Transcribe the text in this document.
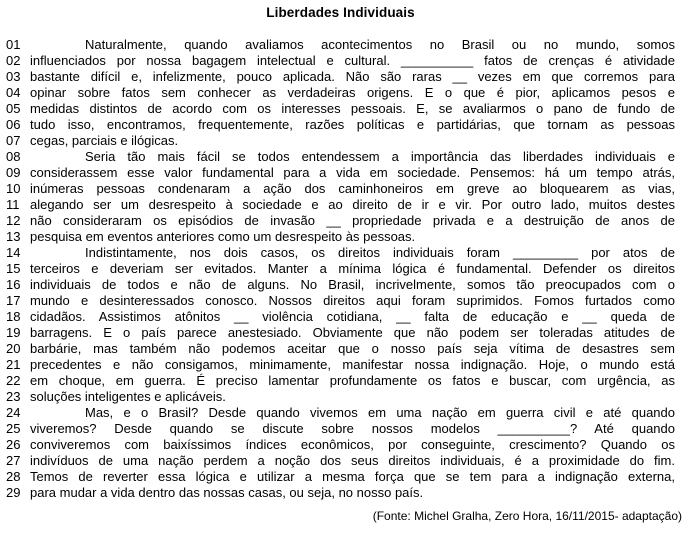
Liberdades Individuais
01	Naturalmente, quando avaliamos acontecimentos no Brasil ou no mundo, somos
02 influenciados por nossa bagagem intelectual e cultural. __________ fatos de crenças é atividade
03 bastante difícil e, infelizmente, pouco aplicada. Não são raras __ vezes em que corremos para
04 opinar sobre fatos sem conhecer as verdadeiras origens. E o que é pior, aplicamos pesos e
05 medidas distintos de acordo com os interesses pessoais. E, se avaliarmos o pano de fundo de
06 tudo isso, encontramos, frequentemente, razões políticas e partidárias, que tornam as pessoas
07 cegas, parciais e ilógicas.
08	Seria tão mais fácil se todos entendessem a importância das liberdades individuais e
09 considerassem esse valor fundamental para a vida em sociedade. Pensemos: há um tempo atrás,
10 inúmeras pessoas condenaram a ação dos caminhoneiros em greve ao bloquearem as vias,
11 alegando ser um desrespeito à sociedade e ao direito de ir e vir. Por outro lado, muitos destes
12 não consideraram os episódios de invasão __ propriedade privada e a destruição de anos de
13 pesquisa em eventos anteriores como um desrespeito às pessoas.
14	Indistintamente, nos dois casos, os direitos individuais foram _________ por atos de
15 terceiros e deveriam ser evitados. Manter a mínima lógica é fundamental. Defender os direitos
16 individuais de todos e não de alguns. No Brasil, incrivelmente, somos tão preocupados com o
17 mundo e desinteressados conosco. Nossos direitos aqui foram suprimidos. Fomos furtados como
18 cidadãos. Assistimos atônitos __ violência cotidiana, __ falta de educação e __ queda de
19 barragens. E o país parece anestesiado. Obviamente que não podem ser toleradas atitudes de
20 barbárie, mas também não podemos aceitar que o nosso país seja vítima de desastres sem
21 precedentes e não consigamos, minimamente, manifestar nossa indignação. Hoje, o mundo está
22 em choque, em guerra. É preciso lamentar profundamente os fatos e buscar, com urgência, as
23 soluções inteligentes e aplicáveis.
24	Mas, e o Brasil? Desde quando vivemos em uma nação em guerra civil e até quando
25 viveremos? Desde quando se discute sobre nossos modelos __________? Até quando
26 conviveremos com baixíssimos índices econômicos, por conseguinte, crescimento? Quando os
27 indivíduos de uma nação perdem a noção dos seus direitos individuais, é a proximidade do fim.
28 Temos de reverter essa lógica e utilizar a mesma força que se tem para a indignação externa,
29 para mudar a vida dentro das nossas casas, ou seja, no nosso país.
(Fonte: Michel Gralha, Zero Hora, 16/11/2015- adaptação)
